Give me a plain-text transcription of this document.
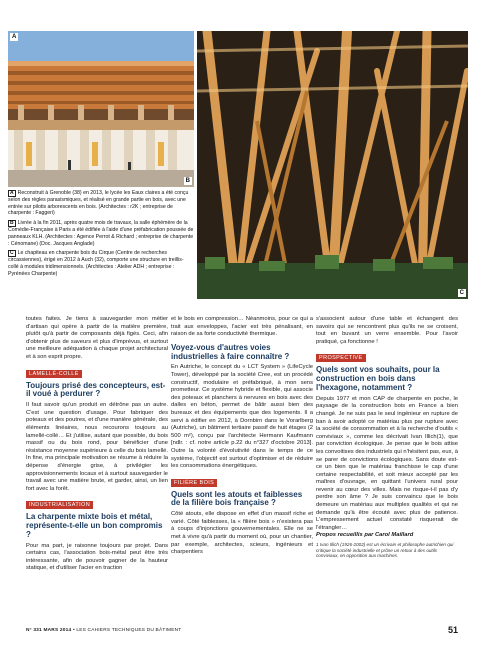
A
B
C

A Reconstruit à Grenoble (38) en 2013, le lycée les Eaux claires a été conçu selon des règles parasismiques, et réalisé en grande partie en bois, avec une entrée sur pilotis arborescents en bois. (Architectes : r2K ; entreprise de charpente : Faggeri)

B Livrée à la fin 2011, après quatre mois de travaux, la salle éphémère de la Comédie-Française à Paris a été édifiée à l'aide d'une préfabrication poussée de panneaux KLH. (Architectes : Agence Perrot & Richard ; entreprise de charpente : Cénomane) (Doc. Jacques Anglade)

C Le chapiteau en charpente bois du Cirque (Centre de recherches circassiennes), érigé en 2012 à Auch (32), comporte une structure en treillis-collé à modules tridimensionnels. (Architectes : Atelier ADH ; entreprise : Pyrénées Charpente)

toutes faites. Je tiens à sauvegarder mon métier d'artisan qui opère à partir de la matière première, plutôt qu'à partir de composants déjà figés. Ceci, afin d'obtenir plus de saveurs et plus d'imprévus, et surtout une meilleure adéquation à chaque projet architectural et à son esprit propre.

LAMELLÉ-COLLÉ
Toujours prisé des concepteurs, est-il voué à perdurer ?

Il faut savoir qu'un produit en détrône pas un autre. C'est une question d'usage. Pour fabriquer des poteaux et des poutres, et d'une manière générale, des éléments linéaires, nous recourons toujours au lamellé-collé… Et j'utilise, autant que possible, du bois massif ou du bois rond, pour bénéficier d'une résistance moyenne supérieure à celle du bois lamellé. In fine, ma principale motivation se résume à réduire la dépense d'énergie grise, à privilégier les approvisionnements locaux et à surtout sauvegarder le travail avec une matière brute, et garder, ainsi, un lien fort avec la forêt.

INDUSTRIALISATION
La charpente mixte bois et métal, représente-t-elle un bon compromis ?

Pour ma part, je raisonne toujours par projet. Dans certains cas, l'association bois-métal peut être très intéressante, afin de pouvoir gagner de la hauteur statique, et d'utiliser l'acier en traction

et le bois en compression… Néanmoins, pour ce qui a trait aux enveloppes, l'acier est très pénalisant, en raison de sa forte conductivité thermique.

Voyez-vous d'autres voies industrielles à faire connaître ?

En Autriche, le concept du « LCT System » (LifeCycle Tower), développé par la société Cree, est un procédé constructif, modulaire et préfabriqué, à mon sens prometteur. Ce système hybride et flexible, qui associe des poteaux et planchers à nervures en bois avec des dalles en béton, permet de bâtir aussi bien des bureaux et des équipements que des logements. Il a servi à édifier en 2012, à Dornbirn dans le Vorarlberg (Autriche), un bâtiment tertiaire passif de huit étages (2 500 m²), conçu par l'architecte Hermann Kaufmann [ndlr. : cf. notre article p.22 du n°327 d'octobre 2013]. Outre la volonté d'évolutivité dans le temps de ce système, l'objectif est surtout d'optimiser et de réduire les consommations énergétiques.

FILIÈRE BOIS
Quels sont les atouts et faiblesses de la filière bois française ?

Côté atouts, elle dispose en effet d'un massif riche et varié. Côté faiblesses, la « filière bois » n'existera pas à coups d'injonctions gouvernementales. Elle ne se met à vivre qu'à partir du moment où, pour un chantier, par exemple, architectes, scieurs, ingénieurs et charpentiers

s'associent autour d'une table et échangent des savoirs qui se rencontrent plus qu'ils ne se croisent, tout en buvant un verre ensemble. Pour l'avoir pratiqué, ça fonctionne !

PROSPECTIVE
Quels sont vos souhaits, pour la construction en bois dans l'hexagone, notamment ?

Depuis 1977 et mon CAP de charpente en poche, le paysage de la construction bois en France a bien changé. Je ne suis pas le seul ingénieur en rupture de ban à avoir adopté ce matériau plus par rupture avec la société de consommation et à la recherche d'outils « conviviaux », comme les décrivait Ivan Illich(1), que par conviction écologique. Je pense que le bois attise les convoitises des industriels qui n'hésitent pas, eux, à se parer de convictions écologiques. Sans doute est-ce un bien que le matériau franchisse le cap d'une certaine respectabilité, et soit mieux accepté par les maîtres d'ouvrage, en quittant l'univers rural pour revenir au cœur des villes. Mais ne risque-t-il pas d'y perdre son âme ? Je suis convaincu que le bois demeure un matériau aux multiples qualités et qui ne demande qu'à être écouté avec plus de patience. L'empressement actuel constaté risquerait de l'étrangler…

Propos recueillis par Carol Maillard

1 Ivan Illich (1926-2002) est un écrivain et philosophe autrichien qui critique la société industrielle et prône un retour à des outils conviviaux, en opposition aux machines.

N° 331 MARS 2014 • LES CAHIERS TECHNIQUES DU BÂTIMENT	51
